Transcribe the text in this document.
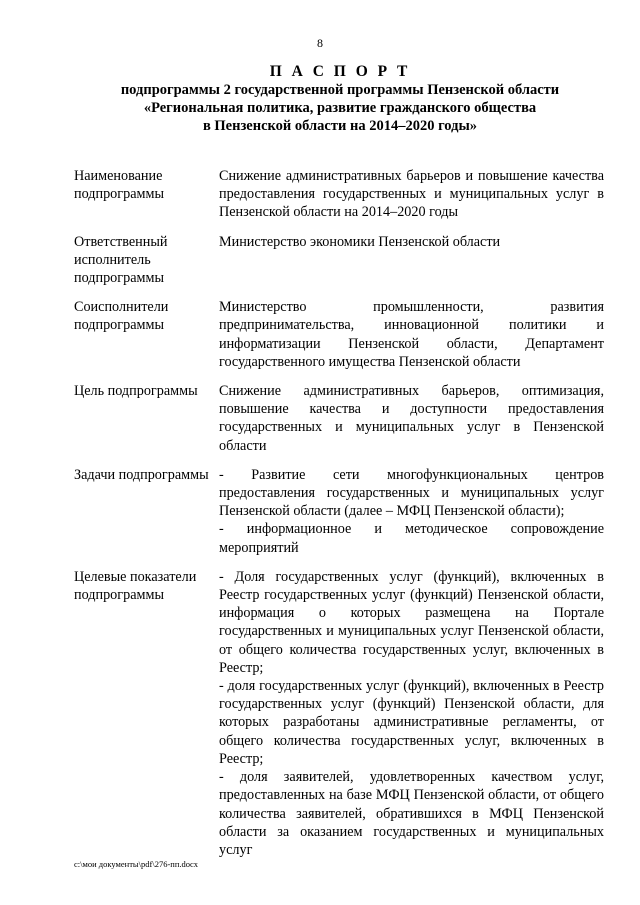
8
П А С П О Р Т
подпрограммы 2 государственной программы Пензенской области
«Региональная политика, развитие гражданского общества
в Пензенской области на 2014–2020 годы»
Наименование подпрограммы

Снижение административных барьеров и повышение качества предоставления государственных и муниципальных услуг в Пензенской области на 2014–2020 годы

Ответственный исполнитель подпрограммы

Министерство экономики Пензенской области

Соисполнители подпрограммы

Министерство промышленности, развития предпринимательства, инновационной политики и информатизации Пензенской области, Департамент государственного имущества Пензенской области

Цель подпрограммы	Снижение административных барьеров, оптимизация, повышение качества и доступности предоставления государственных и муниципальных услуг в Пензенской области

Задачи подпрограммы - Развитие сети многофункциональных центров предоставления государственных и муниципальных услуг Пензенской области (далее – МФЦ Пензенской области);

- информационное и методическое сопровождение мероприятий

Целевые показатели подпрограммы

- Доля государственных услуг (функций), включенных в Реестр государственных услуг (функций) Пензенской области, информация о которых размещена на Портале государственных и муниципальных услуг Пензенской области, от общего количества государственных услуг, включенных в Реестр;

- доля государственных услуг (функций), включенных в Реестр государственных услуг (функций) Пензенской области, для которых разработаны административные регламенты, от общего количества государственных услуг, включенных в Реестр;

- доля заявителей, удовлетворенных качеством услуг, предоставленных на базе МФЦ Пензенской области, от общего количества заявителей, обратившихся в МФЦ Пензенской области за оказанием государственных и муниципальных услуг

c:\мои документы\pdf\276-пп.docx
